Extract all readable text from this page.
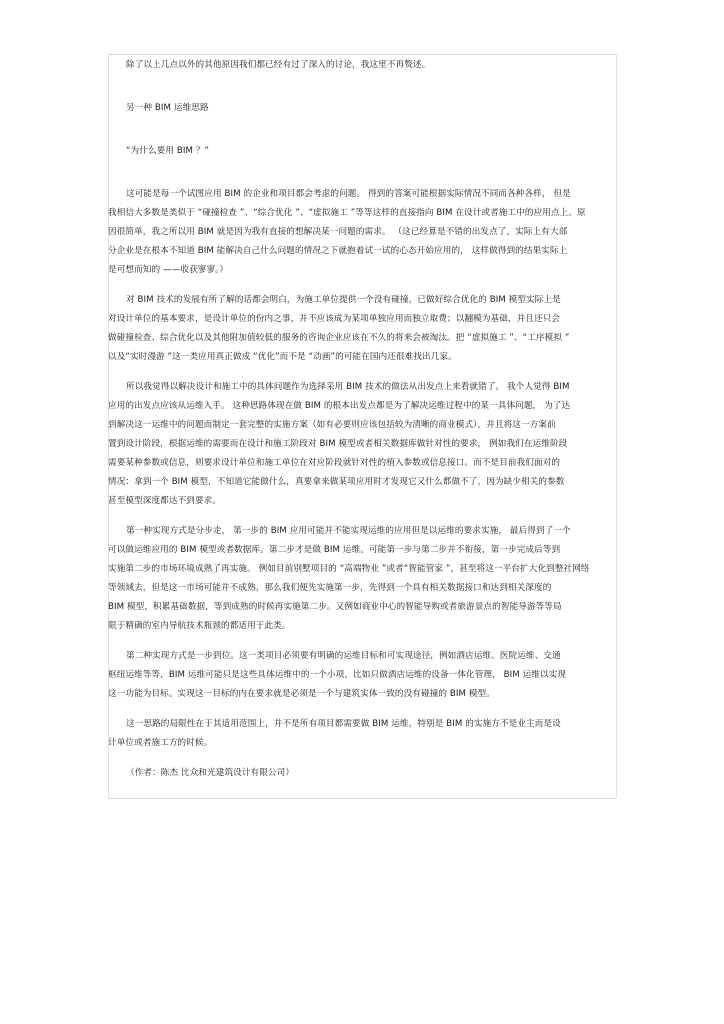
除了以上几点以外的其他原因我们都已经有过了深入的讨论，我这里不再赘述。
另一种 BIM 运维思路
“为什么要用 BIM ？”
这可能是每一个试图应用 BIM 的企业和项目都会考虑的问题。 得到的答案可能根据实际情况不同而各种各样， 但是
我相信大多数是类似于 “碰撞检查 ”、“综合优化 ”、“虚拟施工 ”等等这样的直接指向 BIM 在设计或者施工中的应用点上。原
因很简单，我之所以用 BIM 就是因为我有直接的想解决某一问题的需求。 （这已经算是不错的出发点了，实际上有大部
分企业是在根本不知道 BIM 能解决自己什么问题的情况之下就抱着试一试的心态开始应用的， 这样做得到的结果实际上
是可想而知的 ——收获寥寥。）
对 BIM 技术的发展有所了解的话都会明白，为施工单位提供一个没有碰撞，已做好综合优化的 BIM 模型实际上是
对设计单位的基本要求，是设计单位的份内之事，并不应该成为某项单独应用而独立取费；以翻模为基础，并且还只会
做碰撞检查、综合优化以及其他附加值较低的服务的咨询企业应该在不久的将来会被淘汰。把 “虚拟施工 ”、“工序模拟 ”
以及“实时漫游 ”这一类应用真正做成 “优化”而不是 “动画”的可能在国内还很难找出几家。
所以我觉得以解决设计和施工中的具体问题作为选择采用 BIM 技术的做法从出发点上来看就错了。 我个人觉得 BIM
应用的出发点应该从运维入手。 这种思路体现在做 BIM 的根本出发点都是为了解决运维过程中的某一具体问题， 为了达
到解决这一运维中的问题而制定一套完整的实施方案（如有必要则应该包括较为清晰的商业模式），并且将这一方案前
置到设计阶段，根据运维的需要而在设计和施工阶段对 BIM 模型或者相关数据库做针对性的要求， 例如我们在运维阶段
需要某种参数或信息，则要求设计单位和施工单位在对应阶段就针对性的植入参数或信息接口。而不是目前我们面对的
情况：拿到一个 BIM 模型，不知道它能做什么，真要拿来做某项应用时才发现它又什么都做不了，因为缺少相关的参数
甚至模型深度都达不到要求。
第一种实现方式是分步走， 第一步的 BIM 应用可能并不能实现运维的应用但是以运维的要求实施， 最后得到了一个
可以做运维应用的 BIM 模型或者数据库。第二步才是做 BIM 运维。可能第一步与第二步并不衔接，第一步完成后等到
实施第二步的市场环境成熟了再实施。 例如目前别墅项目的 “高端物业 ”或者“智能管家 ”，甚至将这一平台扩大化到整社网络
等领域去，但是这一市场可能并不成熟，那么我们便先实施第一步，先得到一个具有相关数据接口和达到相关深度的
BIM 模型，积累基础数据，等到成熟的时候再实施第二步。又例如商业中心的智能导购或者旅游景点的智能导游等等局
限于精确的室内导航技术瓶颈的都适用于此类。
第二种实现方式是一步到位。这一类项目必须要有明确的运维目标和可实现途径，例如酒店运维、医院运维、交通
枢纽运维等等，BIM 运维可能只是这些具体运维中的一个小项，比如只做酒店运维的设备一体化管理， BIM 运维以实现
这一功能为目标。实现这一目标的内在要求就是必须是一个与建筑实体一致的没有碰撞的 BIM 模型。
这一思路的局限性在于其适用范围上，并不是所有项目都需要做 BIM 运维，特别是 BIM 的实施方不是业主而是设
计单位或者施工方的时候。
（作者：陈杰 比众和光建筑设计有限公司）
